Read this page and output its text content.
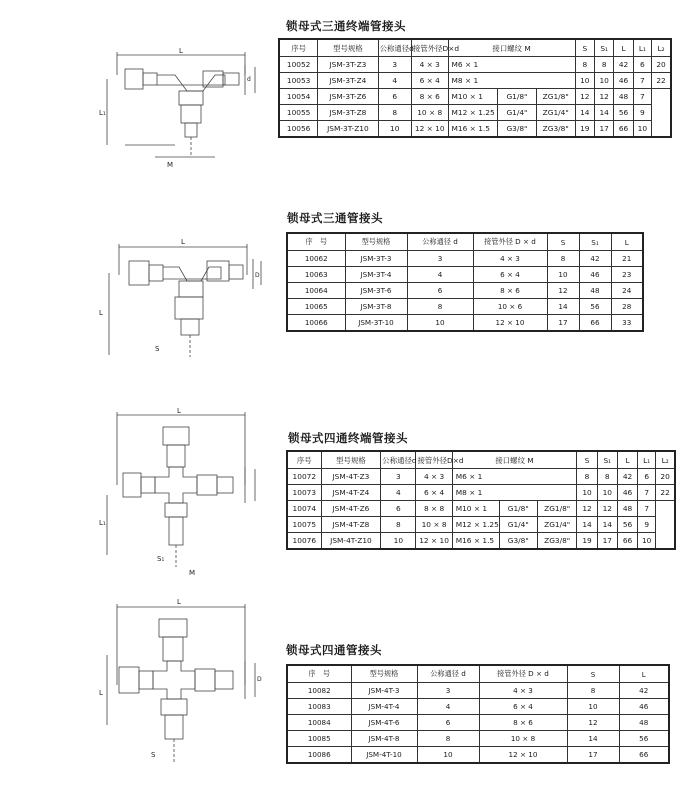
锁母式三通终端管接头
L
L₁
M
d
序号	型号规格	公称通径d	接管外径D×d	接口螺纹 M			S	S₁	L	L₁	L₂
10052	JSM-3T-Z3	3	4 × 3	M6 × 1			8	8	42	6	20
10053	JSM-3T-Z4	4	6 × 4	M8 × 1			10	10	46	7	22
10054	JSM-3T-Z6	6	8 × 6	M10 × 1	G1/8"	ZG1/8"	12	12	48	7	
10055	JSM-3T-Z8	8	10 × 8	M12 × 1.25	G1/4"	ZG1/4"	14	14	56	9	
10056	JSM-3T-Z10	10	12 × 10	M16 × 1.5	G3/8"	ZG3/8"	19	17	66	10	
锁母式三通管接头
L
L
S
D
序　号	型号规格	公称通径 d	接管外径 D × d	S	S₁	L
10062	JSM-3T-3	3	4 × 3	8	42	21
10063	JSM-3T-4	4	6 × 4	10	46	23
10064	JSM-3T-6	6	8 × 6	12	48	24
10065	JSM-3T-8	8	10 × 6	14	56	28
10066	JSM-3T-10	10	12 × 10	17	66	33
锁母式四通终端管接头
L
L₁
S₁
M
序号	型号规格	公称通径d	接管外径D×d	接口螺纹 M			S	S₁	L	L₁	L₂
10072	JSM-4T-Z3	3	4 × 3	M6 × 1			8	8	42	6	20
10073	JSM-4T-Z4	4	6 × 4	M8 × 1			10	10	46	7	22
10074	JSM-4T-Z6	6	8 × 8	M10 × 1	G1/8"	ZG1/8"	12	12	48	7	
10075	JSM-4T-Z8	8	10 × 8	M12 × 1.25	G1/4"	ZG1/4"	14	14	56	9	
10076	JSM-4T-Z10	10	12 × 10	M16 × 1.5	G3/8"	ZG3/8"	19	17	66	10	
锁母式四通管接头
L
L
S
D
序　号	型号规格	公称通径 d	接管外径 D × d	S	L
10082	JSM-4T-3	3	4 × 3	8	42
10083	JSM-4T-4	4	6 × 4	10	46
10084	JSM-4T-6	6	8 × 6	12	48
10085	JSM-4T-8	8	10 × 8	14	56
10086	JSM-4T-10	10	12 × 10	17	66
